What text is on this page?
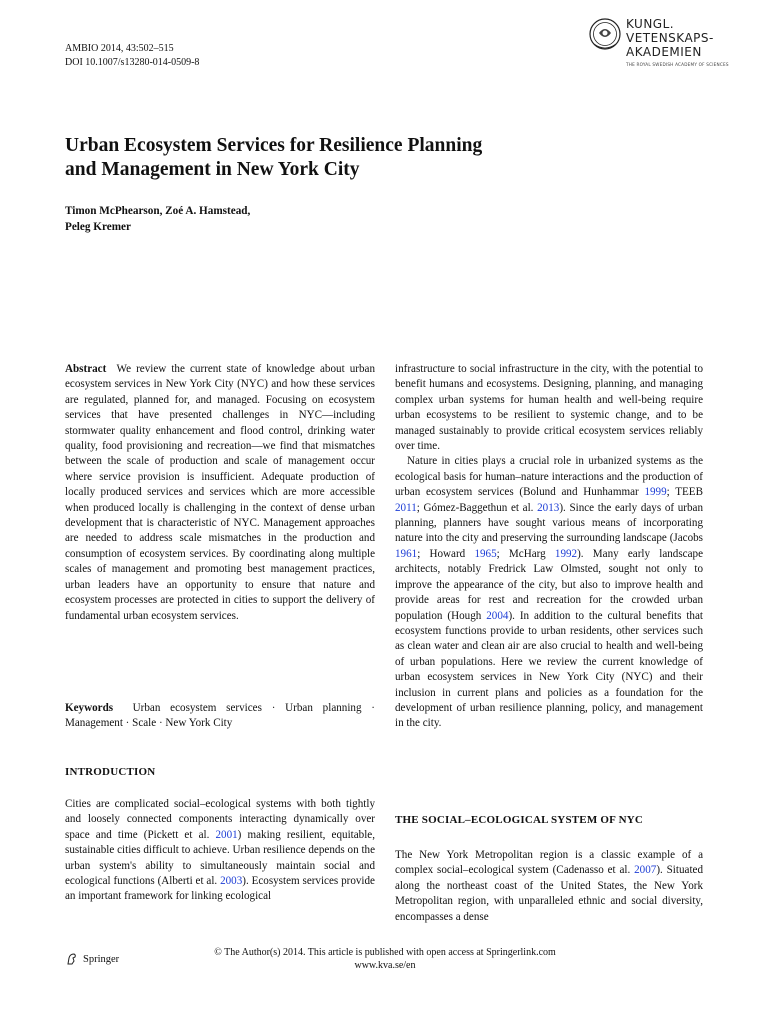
AMBIO 2014, 43:502–515
DOI 10.1007/s13280-014-0509-8
KUNGL.
VETENSKAPS-
AKADEMIEN
THE ROYAL SWEDISH ACADEMY OF SCIENCES
Urban Ecosystem Services for Resilience Planning
and Management in New York City
Timon McPhearson, Zoé A. Hamstead,
Peleg Kremer

Abstract We review the current state of knowledge about urban ecosystem services in New York City (NYC) and how these services are regulated, planned for, and managed. Focusing on ecosystem services that have presented challenges in NYC—including stormwater quality enhancement and flood control, drinking water quality, food provisioning and recreation—we find that mismatches between the scale of production and scale of management occur where service provision is insufficient. Adequate production of locally produced services and services which are more accessible when produced locally is challenging in the context of dense urban development that is characteristic of NYC. Management approaches are needed to address scale mismatches in the production and consumption of ecosystem services. By coordinating along multiple scales of management and promoting best management practices, urban leaders have an opportunity to ensure that nature and ecosystem processes are protected in cities to support the delivery of fundamental urban ecosystem services.

Keywords Urban ecosystem services · Urban planning · Management · Scale · New York City

INTRODUCTION

Cities are complicated social–ecological systems with both tightly and loosely connected components interacting dynamically over space and time (Pickett et al. 2001) making resilient, equitable, sustainable cities difficult to achieve. Urban resilience depends on the urban system's ability to simultaneously maintain social and ecological functions (Alberti et al. 2003). Ecosystem services provide an important framework for linking ecological

infrastructure to social infrastructure in the city, with the potential to benefit humans and ecosystems. Designing, planning, and managing complex urban systems for human health and well-being require urban ecosystems to be resilient to systemic change, and to be managed sustainably to provide critical ecosystem services reliably over time.

Nature in cities plays a crucial role in urbanized systems as the ecological basis for human–nature interactions and the production of urban ecosystem services (Bolund and Hunhammar 1999; TEEB 2011; Gómez-Baggethun et al. 2013). Since the early days of urban planning, planners have sought various means of incorporating nature into the city and preserving the surrounding landscape (Jacobs 1961; Howard 1965; McHarg 1992). Many early landscape architects, notably Fredrick Law Olmsted, sought not only to improve the appearance of the city, but also to improve health and provide areas for rest and recreation for the crowded urban population (Hough 2004). In addition to the cultural benefits that ecosystem functions provide to urban residents, other services such as clean water and clean air are also crucial to health and well-being of urban populations. Here we review the current knowledge of urban ecosystem services in New York City (NYC) and their inclusion in current plans and policies as a foundation for the development of urban resilience planning, policy, and management in the city.

THE SOCIAL–ECOLOGICAL SYSTEM OF NYC

The New York Metropolitan region is a classic example of a complex social–ecological system (Cadenasso et al. 2007). Situated along the northeast coast of the United States, the New York Metropolitan region, with unparalleled ethnic and social diversity, encompasses a dense

Springer
© The Author(s) 2014. This article is published with open access at Springerlink.com
www.kva.se/en
